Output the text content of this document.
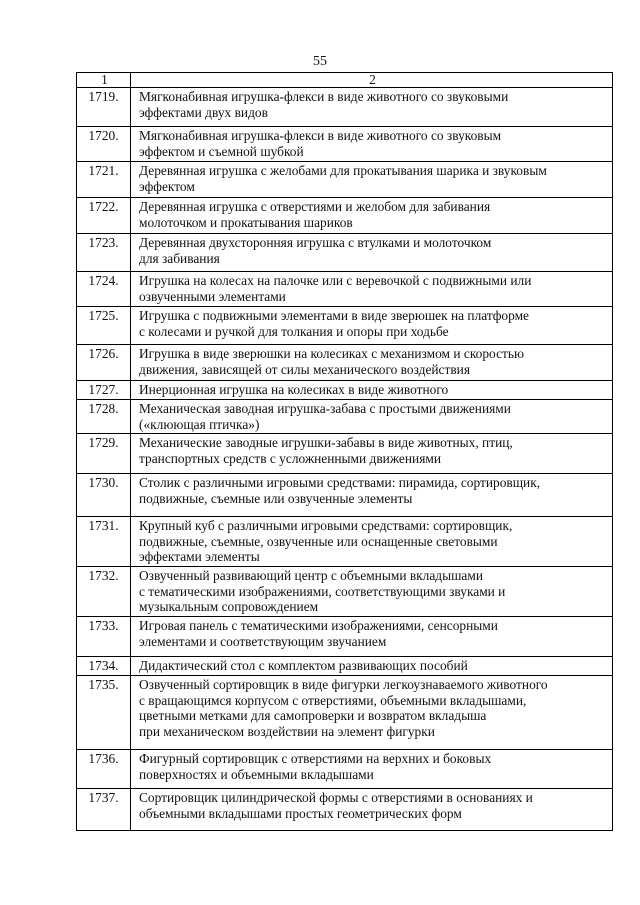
55
1	2
1719.	Мягконабивная игрушка-флекси в виде животного со звуковыми
эффектами двух видов

1720.	Мягконабивная игрушка-флекси в виде животного со звуковым
эффектом и съемной шубкой

1721.	Деревянная игрушка с желобами для прокатывания шарика и звуковым
эффектом

1722.	Деревянная игрушка с отверстиями и желобом для забивания
молоточком и прокатывания шариков

1723.	Деревянная двухсторонняя игрушка с втулками и молоточком
для забивания

1724.	Игрушка на колесах на палочке или с веревочкой с подвижными или
озвученными элементами

1725.	Игрушка с подвижными элементами в виде зверюшек на платформе
с колесами и ручкой для толкания и опоры при ходьбе

1726.	Игрушка в виде зверюшки на колесиках с механизмом и скоростью
движения, зависящей от силы механического воздействия

1727.	Инерционная игрушка на колесиках в виде животного

1728.	Механическая заводная игрушка-забава с простыми движениями
(«клюющая птичка»)

1729.	Механические заводные игрушки-забавы в виде животных, птиц,
транспортных средств с усложненными движениями

1730.	Столик с различными игровыми средствами: пирамида, сортировщик,
подвижные, съемные или озвученные элементы

1731.	Крупный куб с различными игровыми средствами: сортировщик,
подвижные, съемные, озвученные или оснащенные световыми
эффектами элементы

1732.	Озвученный развивающий центр с объемными вкладышами
с тематическими изображениями, соответствующими звуками и
музыкальным сопровождением

1733.	Игровая панель с тематическими изображениями, сенсорными
элементами и соответствующим звучанием

1734.	Дидактический стол с комплектом развивающих пособий

1735.	Озвученный сортировщик в виде фигурки легкоузнаваемого животного
с вращающимся корпусом с отверстиями, объемными вкладышами,
цветными метками для самопроверки и возвратом вкладыша
при механическом воздействии на элемент фигурки

1736.	Фигурный сортировщик с отверстиями на верхних и боковых
поверхностях и объемными вкладышами

1737.	Сортировщик цилиндрической формы с отверстиями в основаниях и
объемными вкладышами простых геометрических форм
